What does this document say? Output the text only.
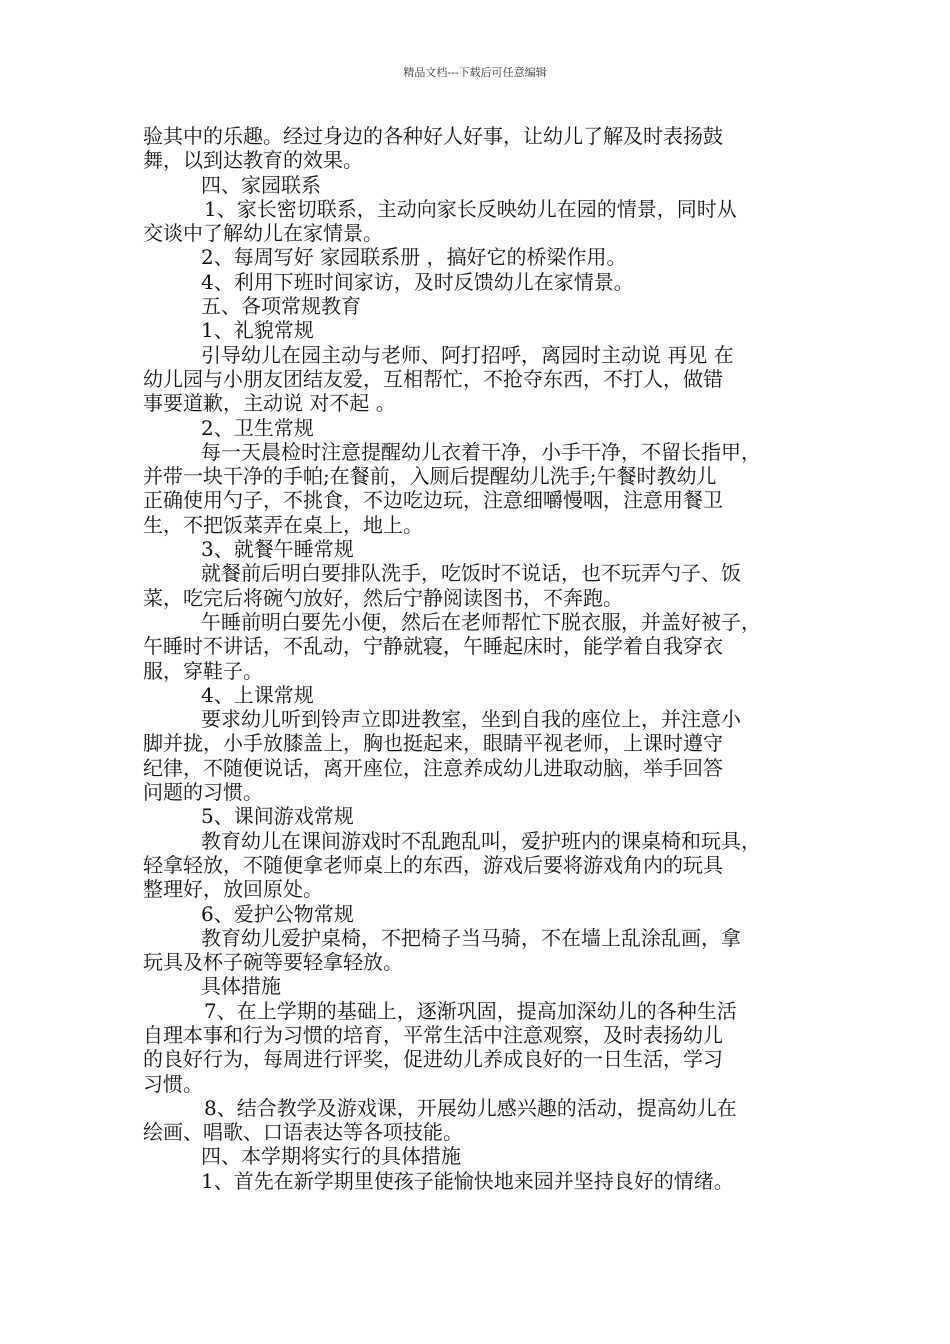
精品文档---下载后可任意编辑
验其中的乐趣。经过身边的各种好人好事，让幼儿了解及时表扬鼓
舞，以到达教育的效果。
四、家园联系
1、家长密切联系，主动向家长反映幼儿在园的情景，同时从
交谈中了解幼儿在家情景。
2、每周写好 家园联系册 ，搞好它的桥梁作用。
4、利用下班时间家访，及时反馈幼儿在家情景。
五、各项常规教育
1、礼貌常规
引导幼儿在园主动与老师、阿打招呼，离园时主动说 再见 在
幼儿园与小朋友团结友爱，互相帮忙，不抢夺东西，不打人，做错
事要道歉，主动说 对不起 。
2、卫生常规
每一天晨检时注意提醒幼儿衣着干净，小手干净，不留长指甲，
并带一块干净的手帕;在餐前，入厕后提醒幼儿洗手;午餐时教幼儿
正确使用勺子，不挑食，不边吃边玩，注意细嚼慢咽，注意用餐卫
生，不把饭菜弄在桌上，地上。
3、就餐午睡常规
就餐前后明白要排队洗手，吃饭时不说话，也不玩弄勺子、饭
菜，吃完后将碗勺放好，然后宁静阅读图书，不奔跑。
午睡前明白要先小便，然后在老师帮忙下脱衣服，并盖好被子，
午睡时不讲话，不乱动，宁静就寝，午睡起床时，能学着自我穿衣
服，穿鞋子。
4、上课常规
要求幼儿听到铃声立即进教室，坐到自我的座位上，并注意小
脚并拢，小手放膝盖上，胸也挺起来，眼睛平视老师，上课时遵守
纪律，不随便说话，离开座位，注意养成幼儿进取动脑，举手回答
问题的习惯。
5、课间游戏常规
教育幼儿在课间游戏时不乱跑乱叫，爱护班内的课桌椅和玩具，
轻拿轻放，不随便拿老师桌上的东西，游戏后要将游戏角内的玩具
整理好，放回原处。
6、爱护公物常规
教育幼儿爱护桌椅，不把椅子当马骑，不在墙上乱涂乱画，拿
玩具及杯子碗等要轻拿轻放。
具体措施
7、在上学期的基础上，逐渐巩固，提高加深幼儿的各种生活
自理本事和行为习惯的培育，平常生活中注意观察，及时表扬幼儿
的良好行为，每周进行评奖，促进幼儿养成良好的一日生活，学习
习惯。
8、结合教学及游戏课，开展幼儿感兴趣的活动，提高幼儿在
绘画、唱歌、口语表达等各项技能。
四、本学期将实行的具体措施
1、首先在新学期里使孩子能愉快地来园并坚持良好的情绪。
